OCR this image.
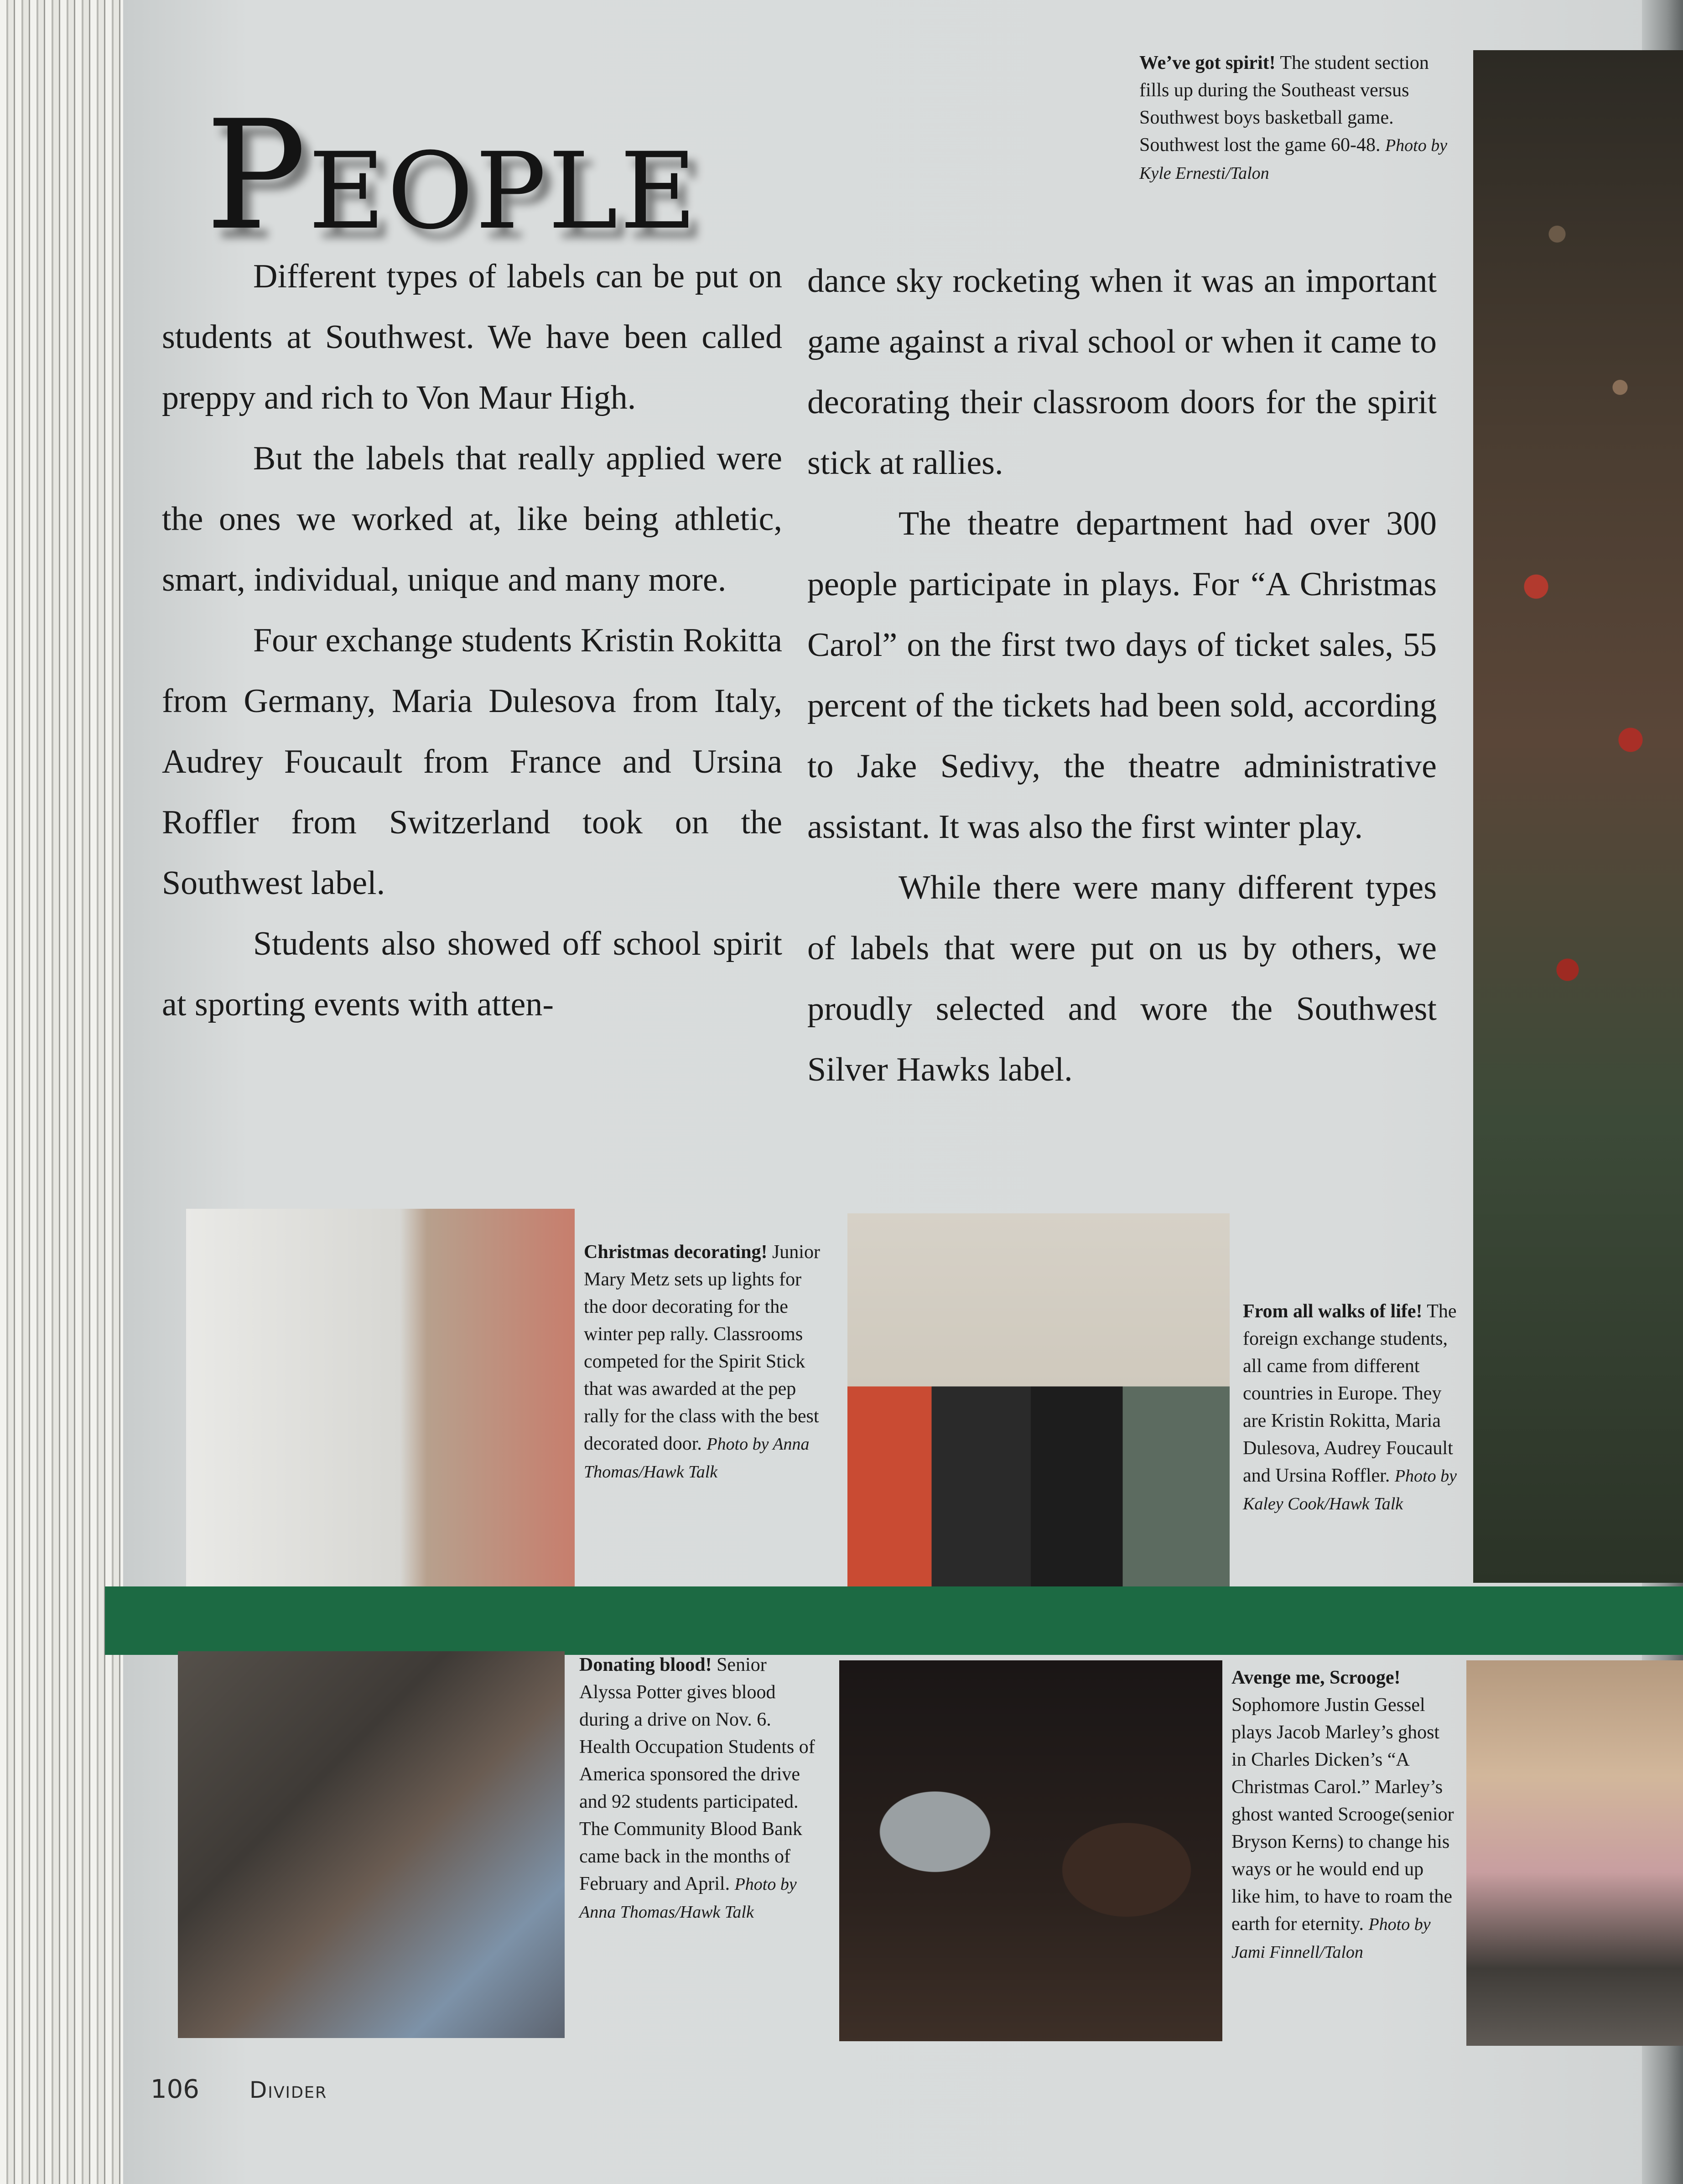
People

Different types of labels can be put on students at Southwest. We have been called preppy and rich to Von Maur High.

But the labels that really applied were the ones we worked at, like being athletic, smart, individual, unique and many more.

Four exchange students Kristin Rokitta from Germany, Maria Dulesova from Italy, Audrey Foucault from France and Ursina Roffler from Switzerland took on the Southwest label.

Students also showed off school spirit at sporting events with atten-

dance sky rocketing when it was an important game against a rival school or when it came to decorating their classroom doors for the spirit stick at rallies.

The theatre department had over 300 people participate in plays. For “A Christmas Carol” on the first two days of ticket sales, 55 percent of the tickets had been sold, according to Jake Sedivy, the theatre administrative assistant. It was also the first winter play.

While there were many different types of labels that were put on us by others, we proudly selected and wore the Southwest Silver Hawks label.

We’ve got spirit! The student section fills up during the Southeast versus Southwest boys basketball game. Southwest lost the game 60-48. Photo by Kyle Ernesti/Talon
Christmas decorating! Junior Mary Metz sets up lights for the door decorating for the winter pep rally. Classrooms competed for the Spirit Stick that was awarded at the pep rally for the class with the best decorated door. Photo by Anna Thomas/Hawk Talk
From all walks of life! The foreign exchange students, all came from different countries in Europe. They are Kristin Rokitta, Maria Dulesova, Audrey Foucault and Ursina Roffler. Photo by Kaley Cook/Hawk Talk
Donating blood! Senior Alyssa Potter gives blood during a drive on Nov. 6. Health Occupation Students of America sponsored the drive and 92 students participated. The Community Blood Bank came back in the months of February and April. Photo by Anna Thomas/Hawk Talk
Avenge me, Scrooge! Sophomore Justin Gessel plays Jacob Marley’s ghost in Charles Dicken’s “A Christmas Carol.” Marley’s ghost wanted Scrooge(senior Bryson Kerns) to change his ways or he would end up like him, to have to roam the earth for eternity. Photo by Jami Finnell/Talon
106 Divider
